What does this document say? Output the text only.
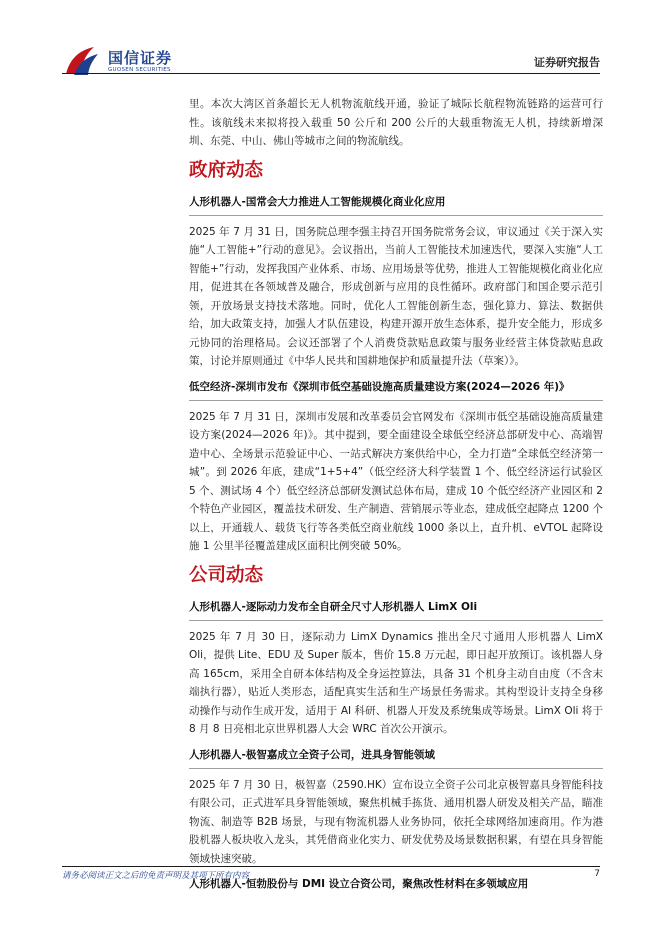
国信证券
GUOSEN SECURITIES
证券研究报告

里。本次大湾区首条超长无人机物流航线开通，验证了城际长航程物流链路的运营可行性。该航线未来拟将投入载重 50 公斤和 200 公斤的大载重物流无人机，持续新增深圳、东莞、中山、佛山等城市之间的物流航线。

政府动态
人形机器人-国常会大力推进人工智能规模化商业化应用

2025 年 7 月 31 日，国务院总理李强主持召开国务院常务会议，审议通过《关于深入实施“人工智能+”行动的意见》。会议指出，当前人工智能技术加速迭代，要深入实施“人工智能+”行动，发挥我国产业体系、市场、应用场景等优势，推进人工智能规模化商业化应用，促进其在各领域普及融合，形成创新与应用的良性循环。政府部门和国企要示范引领，开放场景支持技术落地。同时，优化人工智能创新生态，强化算力、算法、数据供给，加大政策支持，加强人才队伍建设，构建开源开放生态体系，提升安全能力，形成多元协同的治理格局。会议还部署了个人消费贷款贴息政策与服务业经营主体贷款贴息政策，讨论并原则通过《中华人民共和国耕地保护和质量提升法（草案）》。

低空经济-深圳市发布《深圳市低空基础设施高质量建设方案(2024—2026 年)》

2025 年 7 月 31 日，深圳市发展和改革委员会官网发布《深圳市低空基础设施高质量建设方案(2024—2026 年)》。其中提到，要全面建设全球低空经济总部研发中心、高端智造中心、全场景示范验证中心、一站式解决方案供给中心，全力打造“全球低空经济第一城”。到 2026 年底，建成“1+5+4”（低空经济大科学装置 1 个、低空经济运行试验区 5 个、测试场 4 个）低空经济总部研发测试总体布局，建成 10 个低空经济产业园区和 2 个特色产业园区，覆盖技术研发、生产制造、营销展示等业态，建成低空起降点 1200 个以上，开通载人、载货飞行等各类低空商业航线 1000 条以上，直升机、eVTOL 起降设施 1 公里半径覆盖建成区面积比例突破 50%。

公司动态
人形机器人-逐际动力发布全自研全尺寸人形机器人 LimX Oli

2025 年 7 月 30 日，逐际动力 LimX Dynamics 推出全尺寸通用人形机器人 LimX Oli，提供 Lite、EDU 及 Super 版本，售价 15.8 万元起，即日起开放预订。该机器人身高 165cm，采用全自研本体结构及全身运控算法，具备 31 个机身主动自由度（不含末端执行器），贴近人类形态，适配真实生活和生产场景任务需求。其构型设计支持全身移动操作与动作生成开发，适用于 AI 科研、机器人开发及系统集成等场景。LimX Oli 将于 8 月 8 日亮相北京世界机器人大会 WRC 首次公开演示。

人形机器人-极智嘉成立全资子公司，进具身智能领域

2025 年 7 月 30 日，极智嘉（2590.HK）宣布设立全资子公司北京极智嘉具身智能科技有限公司，正式进军具身智能领域，聚焦机械手拣货、通用机器人研发及相关产品，瞄准物流、制造等 B2B 场景，与现有物流机器人业务协同，依托全球网络加速商用。作为港股机器人板块收入龙头，其凭借商业化实力、研发优势及场景数据积累，有望在具身智能领域快速突破。

人形机器人-恒勃股份与 DMI 设立合资公司，聚焦改性材料在多领域应用
请务必阅读正文之后的免责声明及其项下所有内容	7
